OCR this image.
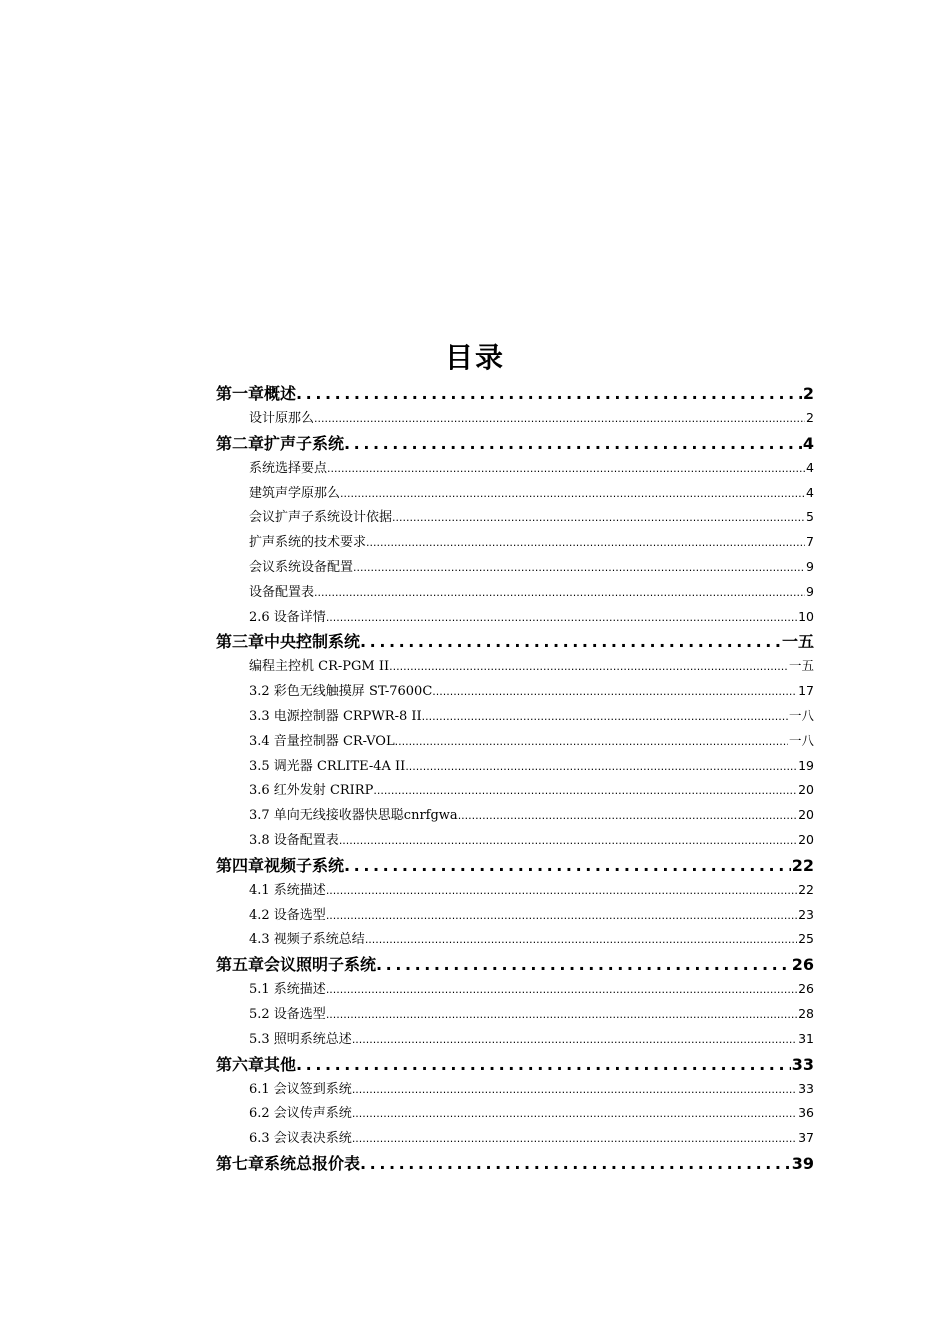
目录
第一章概述 . . .	2
设计原那么 .....	2
第二章扩声子系统 . . .	4
系统选择要点 .....	4
建筑声学原那么 .....	4
会议扩声子系统设计依据 .....	5
扩声系统的技术要求 .....	7
会议系统设备配置 .....	9
设备配置表 .....	9
2.6 设备详情 .....	10
第三章中央控制系统 . . .	一五
编程主控机 CR-PGM II .....	一五
3.2 彩色无线触摸屏 ST-7600C .....	17
3.3 电源控制器 CRPWR-8 II .....	一八
3.4 音量控制器 CR-VOL .....	一八
3.5 调光器 CRLITE-4A II .....	19
3.6 红外发射 CRIRP .....	20
3.7 单向无线接收器快思聪cnrfgwa .....	20
3.8 设备配置表 .....	20
第四章视频子系统 . . .	22
4.1 系统描述 .....	22
4.2 设备选型 .....	23
4.3 视频子系统总结 .....	25
第五章会议照明子系统 . . .	26
5.1 系统描述 .....	26
5.2 设备选型 .....	28
5.3 照明系统总述 .....	31
第六章其他 . . .	33
6.1 会议签到系统 .....	33
6.2 会议传声系统 .....	36
6.3 会议表决系统 .....	37
第七章系统总报价表 . . .	39
